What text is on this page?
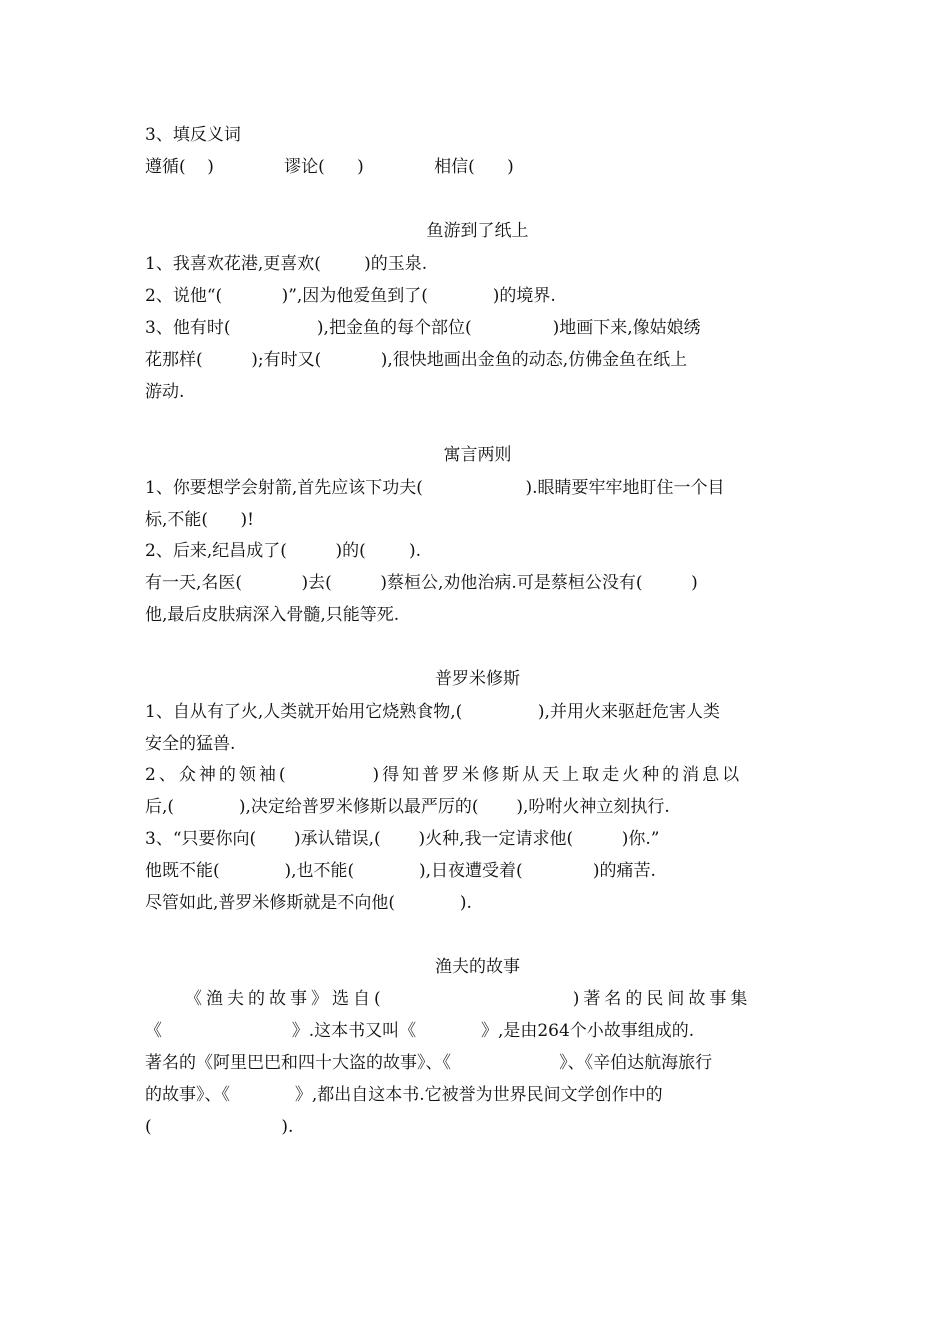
3、填反义词
遵循(    )             谬论(      )             相信(      )
鱼游到了纸上
1、我喜欢花港,更喜欢(        )的玉泉.
2、说他“(           )”,因为他爱鱼到了(            )的境界.
3、他有时(                ),把金鱼的每个部位(               )地画下来,像姑娘绣
花那样(         );有时又(           ),很快地画出金鱼的动态,仿佛金鱼在纸上
游动.
寓言两则
1、你要想学会射箭,首先应该下功夫(                   ).眼睛要牢牢地盯住一个目
标,不能(      )!
2、后来,纪昌成了(         )的(        ).
有一天,名医(           )去(         )蔡桓公,劝他治病.可是蔡桓公没有(         )
他,最后皮肤病深入骨髓,只能等死.
普罗米修斯
1、自从有了火,人类就开始用它烧熟食物,(              ),并用火来驱赶危害人类
安全的猛兽.
2、众神的领袖(          )得知普罗米修斯从天上取走火种的消息以
后,(            ),决定给普罗米修斯以最严厉的(       ),吩咐火神立刻执行.
3、“只要你向(       )承认错误,(       )火种,我一定请求他(         )你.”
他既不能(            ),也不能(            ),日夜遭受着(             )的痛苦.
尽管如此,普罗米修斯就是不向他(            ).
渔夫的故事
《渔夫的故事》选自(                    )著名的民间故事集
《                        》.这本书又叫《            》,是由264个小故事组成的.
著名的《阿里巴巴和四十大盗的故事》、《                    》、《辛伯达航海旅行
的故事》、《            》,都出自这本书.它被誉为世界民间文学创作中的
(                        ).
